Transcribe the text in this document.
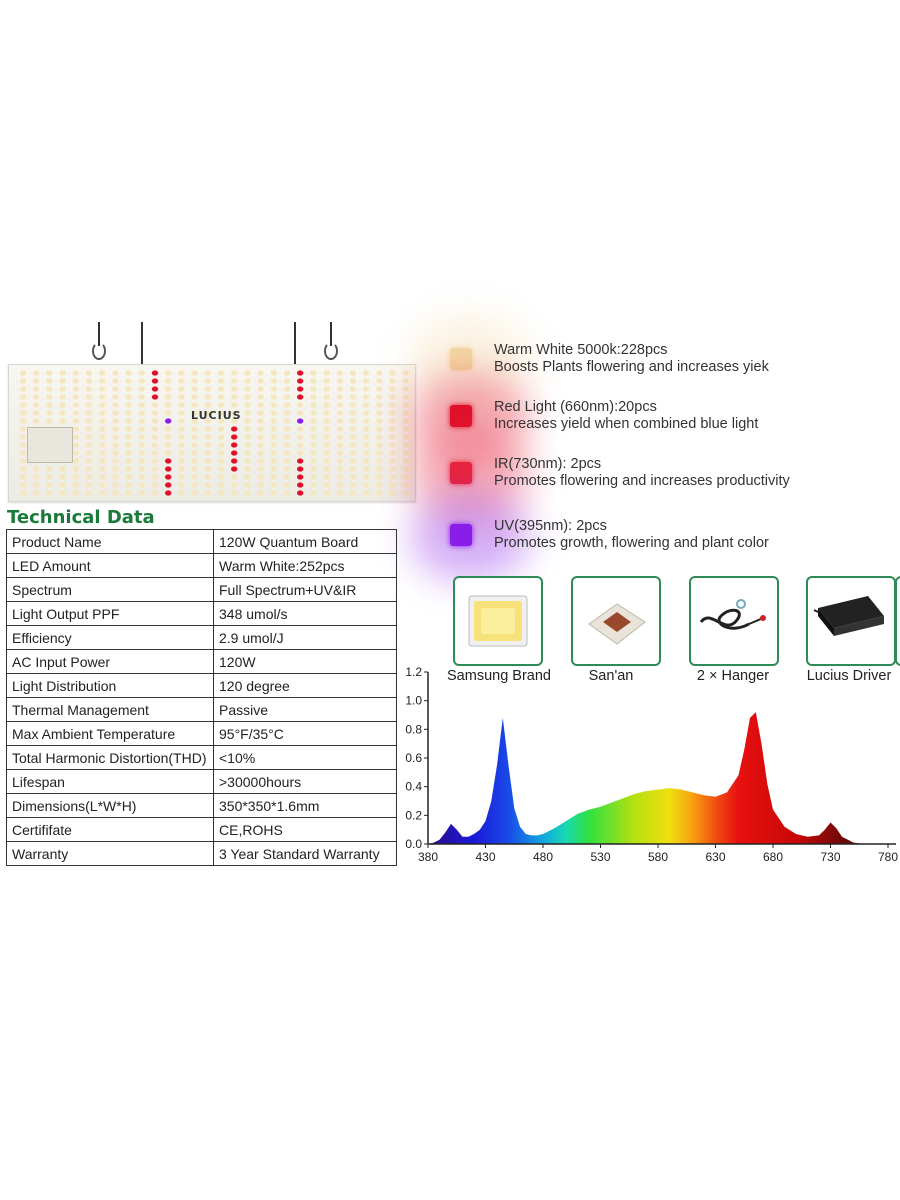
LUCIUS
Warm White 5000k:228pcs
Boosts Plants flowering and increases yiek
Red Light (660nm):20pcs
Increases yield when combined blue light
IR(730nm): 2pcs
Promotes flowering and increases productivity
UV(395nm): 2pcs
Promotes growth, flowering and plant color
Technical Data
Product Name	120W Quantum Board
LED Amount	Warm White:252pcs
Spectrum	Full Spectrum+UV&IR
Light Output PPF	348 umol/s
Efficiency	2.9 umol/J
AC Input Power	120W
Light Distribution	120 degree
Thermal Management	Passive
Max Ambient Temperature	95°F/35°C
Total Harmonic Distortion(THD)	<10%
Lifespan	>30000hours
Dimensions(L*W*H)	350*350*1.6mm
Certififate	CE,ROHS
Warranty	3 Year Standard Warranty
Samsung Brand	San'an	2 × Hanger	Lucius Driver
0.0
0.2
0.4
0.6
0.8
1.0
1.2
380	430	480	530	580	630	680	730	780
